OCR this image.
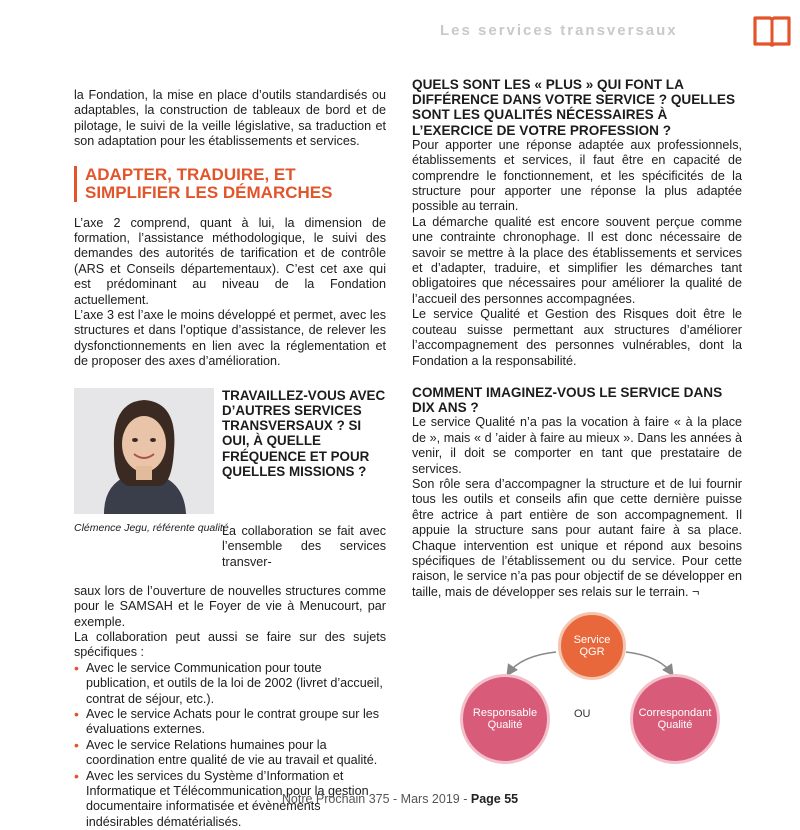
Les services transversaux

la Fondation, la mise en place d’outils standardisés ou adaptables, la construction de tableaux de bord et de pilotage, le suivi de la veille législative, sa traduction et son adaptation pour les établissements et services.

ADAPTER, TRADUIRE, ET SIMPLIFIER LES DÉMARCHES

L’axe 2 comprend, quant à lui, la dimension de formation, l’assistance méthodologique, le suivi des demandes des autorités de tarification et de contrôle (ARS et Conseils départementaux). C’est cet axe qui est prédominant au niveau de la Fondation actuellement.

L’axe 3 est l’axe le moins développé et permet, avec les structures et dans l’optique d’assistance, de relever les dysfonctionnements en lien avec la réglementation et de proposer des axes d’amélioration.

Clémence Jegu, référente qualité
TRAVAILLEZ-VOUS AVEC D’AUTRES SERVICES TRANSVERSAUX ? SI OUI, À QUELLE FRÉQUENCE ET POUR QUELLES MISSIONS ?

La collaboration se fait avec l’ensemble des services transver-

saux lors de l’ouverture de nouvelles structures comme pour le SAMSAH et le Foyer de vie à Menucourt, par exemple.

La collaboration peut aussi se faire sur des sujets spécifiques :

• Avec le service Communication pour toute publication, et outils de la loi de 2002 (livret d’accueil, contrat de séjour, etc.).
• Avec le service Achats pour le contrat groupe sur les évaluations externes.
• Avec le service Relations humaines pour la coordination entre qualité de vie au travail et qualité.
• Avec les services du Système d’Information et Informatique et Télécommunication pour la gestion documentaire informatisée et évènements indésirables dématérialisés.
QUELS SONT LES « PLUS » QUI FONT LA DIFFÉRENCE DANS VOTRE SERVICE ? QUELLES SONT LES QUALITÉS NÉCESSAIRES À L’EXERCICE DE VOTRE PROFESSION ?

Pour apporter une réponse adaptée aux professionnels, établissements et services, il faut être en capacité de comprendre le fonctionnement, et les spécificités de la structure pour apporter une réponse la plus adaptée possible au terrain.

La démarche qualité est encore souvent perçue comme une contrainte chronophage. Il est donc nécessaire de savoir se mettre à la place des établissements et services et d’adapter, traduire, et simplifier les démarches tant obligatoires que nécessaires pour améliorer la qualité de l’accueil des personnes accompagnées.

Le service Qualité et Gestion des Risques doit être le couteau suisse permettant aux structures d’améliorer l’accompagnement des personnes vulnérables, dont la Fondation a la responsabilité.

COMMENT IMAGINEZ-VOUS LE SERVICE DANS DIX ANS ?

Le service Qualité n’a pas la vocation à faire « à la place de », mais « d ’aider à faire au mieux ». Dans les années à venir, il doit se comporter en tant que prestataire de services.

Son rôle sera d’accompagner la structure et de lui fournir tous les outils et conseils afin que cette dernière puisse être actrice à part entière de son accompagnement. Il appuie la structure sans pour autant faire à sa place. Chaque intervention est unique et répond aux besoins spécifiques de l’établissement ou du service. Pour cette raison, le service n’a pas pour objectif de se développer en taille, mais de développer ses relais sur le terrain. ¬

Service QGR
Responsable Qualité
OU	Correspondant Qualité
Notre Prochain 375 - Mars 2019 - Page 55
